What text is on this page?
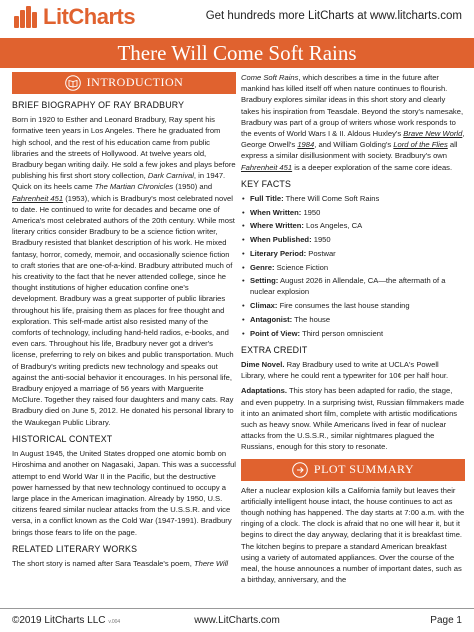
LitCharts	Get hundreds more LitCharts at www.litcharts.com
There Will Come Soft Rains
INTRODUCTION
BRIEF BIOGRAPHY OF RAY BRADBURY

Born in 1920 to Esther and Leonard Bradbury, Ray spent his formative teen years in Los Angeles. There he graduated from high school, and the rest of his education came from public libraries and the streets of Hollywood. At twelve years old, Bradbury began writing daily. He sold a few jokes and plays before publishing his first short story collection, Dark Carnival, in 1947. Quick on its heels came The Martian Chronicles (1950) and Fahrenheit 451 (1953), which is Bradbury's most celebrated novel to date. He continued to write for decades and became one of America's most celebrated authors of the 20th century. While most literary critics consider Bradbury to be a science fiction writer, Bradbury resisted that blanket description of his work. He mixed fantasy, horror, comedy, memoir, and occasionally science fiction to craft stories that are one-of-a-kind. Bradbury attributed much of his creativity to the fact that he never attended college, since he thought institutions of higher education confine one's development. Bradbury was a great supporter of public libraries throughout his life, praising them as places for free thought and exploration. This self-made artist also resisted many of the comforts of technology, including hand-held radios, e-books, and even cars. Throughout his life, Bradbury never got a driver's license, preferring to rely on bikes and public transportation. Much of Bradbury's writing predicts new technology and speaks out against the anti-social behavior it encourages. In his personal life, Bradbury enjoyed a marriage of 56 years with Marguerite McClure. Together they raised four daughters and many cats. Ray Bradbury died on June 5, 2012. He donated his personal library to the Waukegan Public Library.

HISTORICAL CONTEXT

In August 1945, the United States dropped one atomic bomb on Hiroshima and another on Nagasaki, Japan. This was a successful attempt to end World War II in the Pacific, but the destructive power harnessed by that new technology continued to occupy a large place in the American imagination. Already by 1950, U.S. citizens feared similar nuclear attacks from the U.S.S.R. and vice versa, in a conflict known as the Cold War (1947-1991). Bradbury brings those fears to life on the page.

RELATED LITERARY WORKS

The short story is named after Sara Teasdale's poem, There Will

Come Soft Rains, which describes a time in the future after mankind has killed itself off when nature continues to flourish. Bradbury explores similar ideas in this short story and clearly takes his inspiration from Teasdale. Beyond the story's namesake, Bradbury was part of a group of writers whose work responds to the events of World Wars I & II. Aldous Huxley's Brave New World, George Orwell's 1984, and William Golding's Lord of the Flies all express a similar disillusionment with society. Bradbury's own Fahrenheit 451 is a deeper exploration of the same core ideas.

KEY FACTS
• Full Title: There Will Come Soft Rains
• When Written: 1950
• Where Written: Los Angeles, CA
• When Published: 1950
• Literary Period: Postwar
• Genre: Science Fiction
• Setting: August 2026 in Allendale, CA—the aftermath of a nuclear explosion
• Climax: Fire consumes the last house standing
• Antagonist: The house
• Point of View: Third person omniscient
EXTRA CREDIT

Dime Novel. Ray Bradbury used to write at UCLA's Powell Library, where he could rent a typewriter for 10¢ per half hour.

Adaptations. This story has been adapted for radio, the stage, and even puppetry. In a surprising twist, Russian filmmakers made it into an animated short film, complete with artistic modifications such as heavy snow. While Americans lived in fear of nuclear attacks from the U.S.S.R., similar nightmares plagued the Russians, enough for this story to resonate.

PLOT SUMMARY

After a nuclear explosion kills a California family but leaves their artificially intelligent house intact, the house continues to act as though nothing has happened. The day starts at 7:00 a.m. with the ringing of a clock. The clock is afraid that no one will hear it, but it begins to direct the day anyway, declaring that it is breakfast time. The kitchen begins to prepare a standard American breakfast using a variety of automated appliances. Over the course of the meal, the house announces a number of important dates, such as a birthday, anniversary, and the

©2019 LitCharts LLC v.004	www.LitCharts.com	Page 1
